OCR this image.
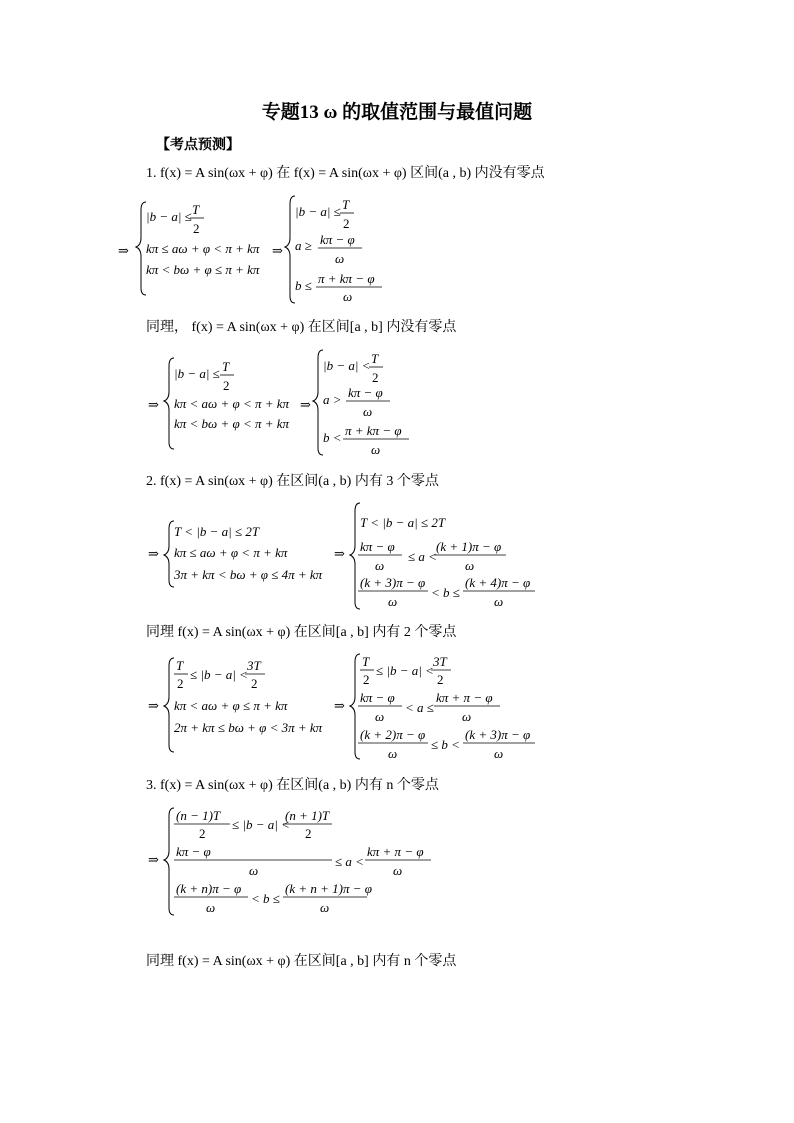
专题13 ω 的取值范围与最值问题
【考点预测】
1. f(x) = A sin(ωx + φ) 在 f(x) = A sin(ωx + φ) 区间(a , b) 内没有零点
⇒
|b − a| ≤ T
2
kπ ≤ aω + φ < π + kπ
kπ < bω + φ ≤ π + kπ
⇒
|b − a| ≤ T
2
a ≥ kπ − φ
ω
b ≤ π + kπ − φ
ω
同理， f(x) = A sin(ωx + φ) 在区间[a , b] 内没有零点
⇒
|b − a| ≤ T
2
kπ < aω + φ < π + kπ
kπ < bω + φ < π + kπ
⇒
|b − a| < T
2
a > kπ − φ
ω
b < π + kπ − φ
ω
2. f(x) = A sin(ωx + φ) 在区间(a , b) 内有 3 个零点
⇒
T < |b − a| ≤ 2T
kπ ≤ aω + φ < π + kπ
3π + kπ < bω + φ ≤ 4π + kπ
⇒
T < |b − a| ≤ 2T
kπ − φ
ω
≤ a <
(k + 1)π − φ
ω
(k + 3)π − φ
ω
< b ≤
(k + 4)π − φ
ω
同理 f(x) = A sin(ωx + φ) 在区间[a , b] 内有 2 个零点
⇒
T
2
≤ |b − a| <
3T
2
kπ < aω + φ ≤ π + kπ
2π + kπ ≤ bω + φ < 3π + kπ
⇒
T
2
≤ |b − a| <
3T
2
kπ − φ
ω
< a ≤
kπ + π − φ
ω
(k + 2)π − φ
ω
≤ b <
(k + 3)π − φ
ω
3. f(x) = A sin(ωx + φ) 在区间(a , b) 内有 n 个零点
⇒
(n − 1)T
2
≤ |b − a| <
(n + 1)T
2
kπ − φ
ω
≤ a <
kπ + π − φ
ω
(k + n)π − φ
ω
< b ≤
(k + n + 1)π − φ
ω
同理 f(x) = A sin(ωx + φ) 在区间[a , b] 内有 n 个零点
